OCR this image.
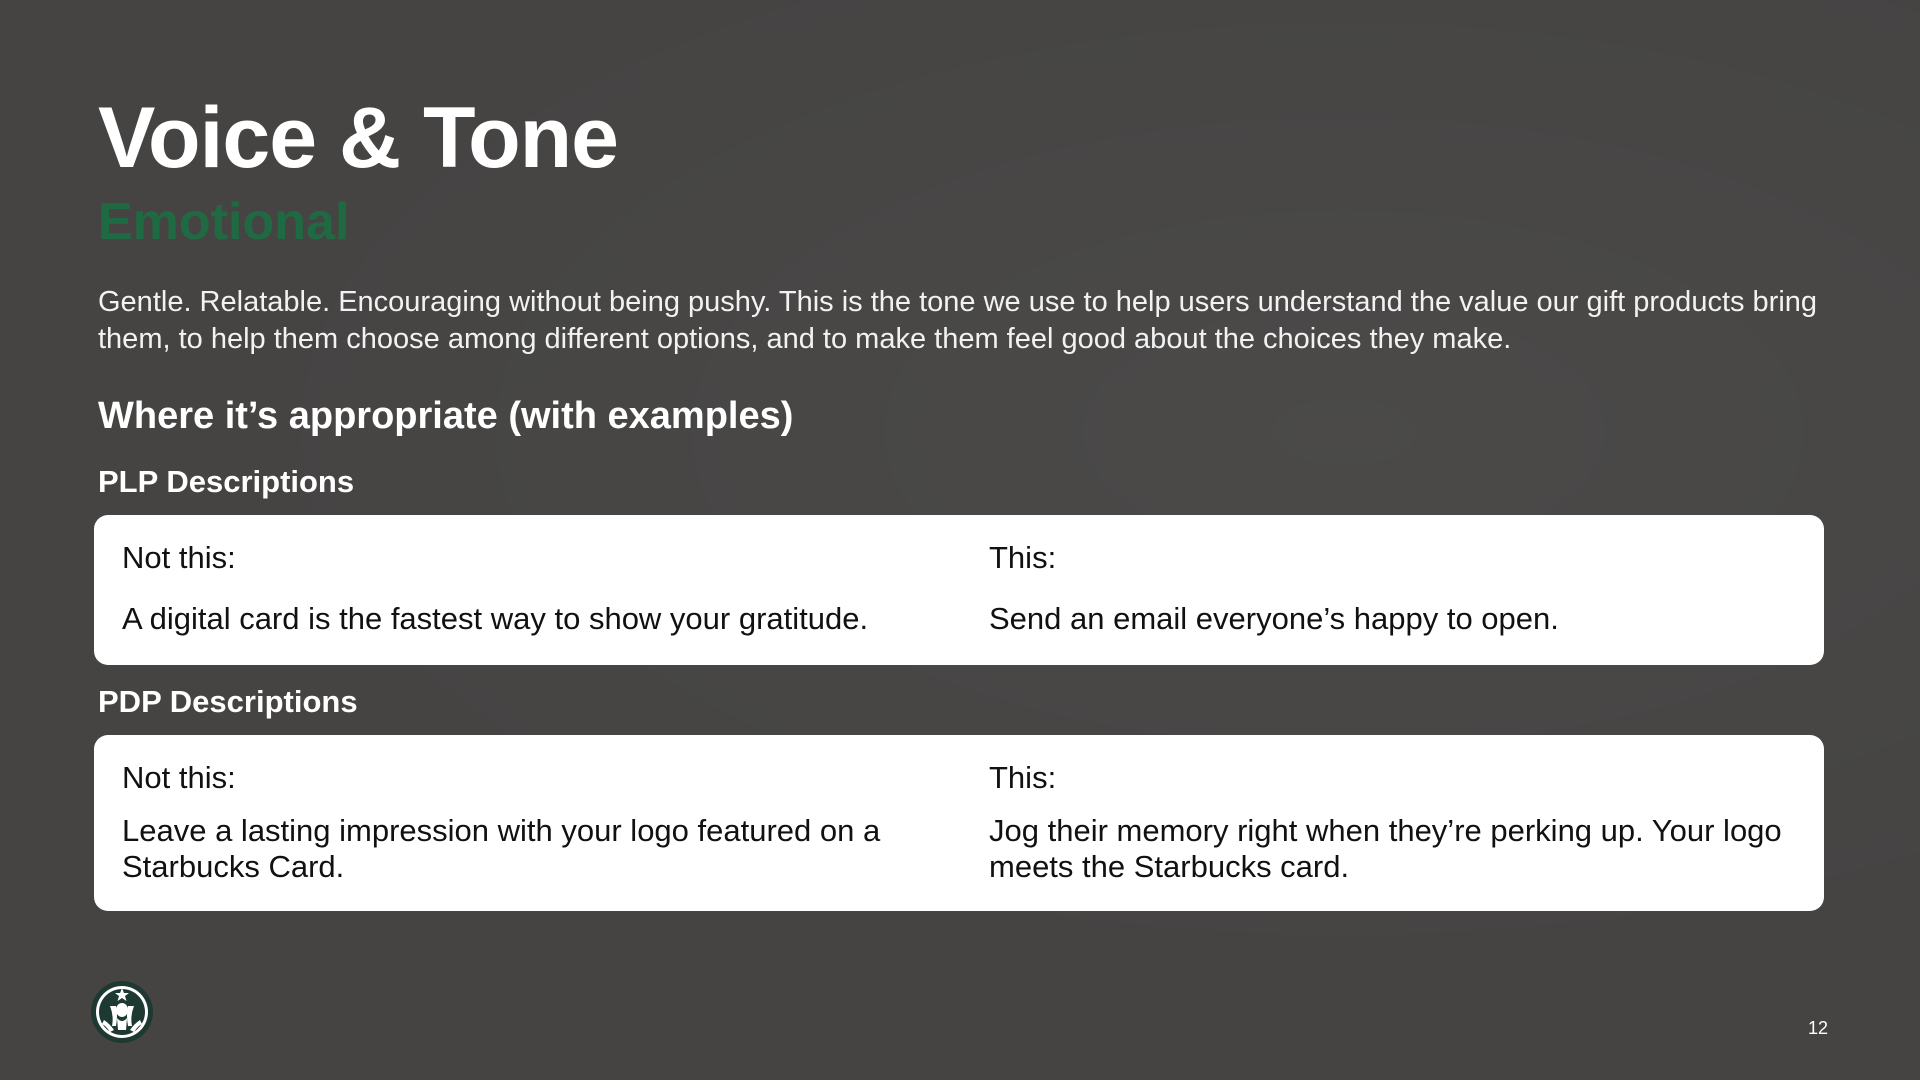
Voice & Tone
Emotional

Gentle. Relatable. Encouraging without being pushy. This is the tone we use to help users understand the value our gift products bring them, to help them choose among different options, and to make them feel good about the choices they make.

Where it’s appropriate (with examples)
PLP Descriptions
Not this:
A digital card is the fastest way to show your gratitude.
This:
Send an email everyone’s happy to open.
PDP Descriptions
Not this:
Leave a lasting impression with your logo featured on a Starbucks Card.
This:
Jog their memory right when they’re perking up. Your logo meets the Starbucks card.
12
